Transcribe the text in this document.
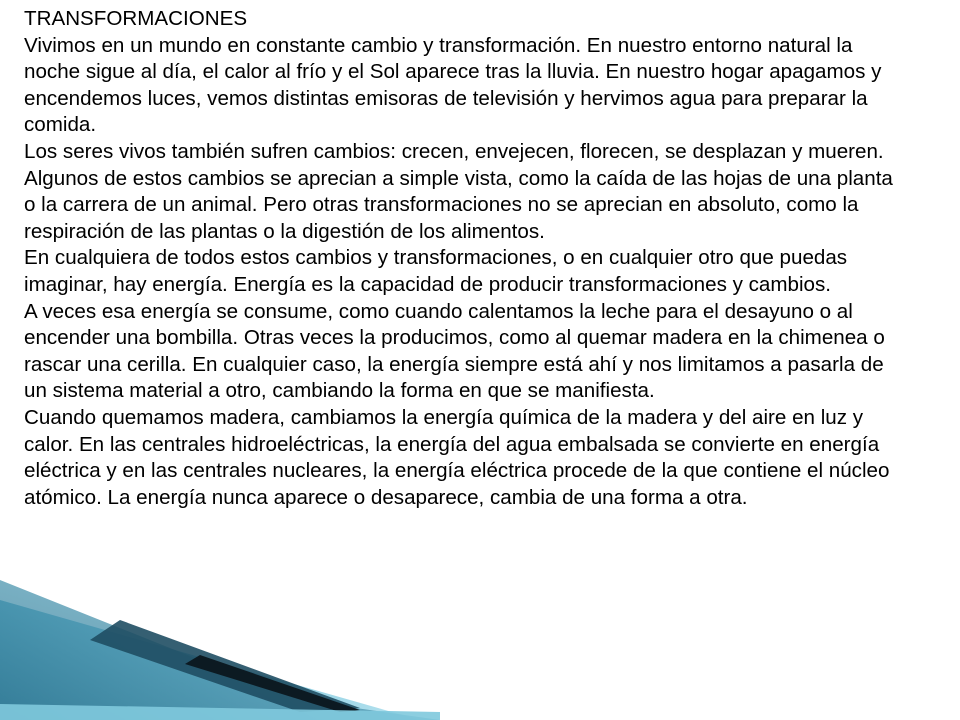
TRANSFORMACIONES

Vivimos en un mundo en constante cambio y transformación. En nuestro entorno natural la noche sigue al día, el calor al frío y el Sol aparece tras la lluvia. En nuestro hogar apagamos y encendemos luces, vemos distintas emisoras de televisión y hervimos agua para preparar la comida.

Los seres vivos también sufren cambios: crecen, envejecen, florecen, se desplazan y mueren. Algunos de estos cambios se aprecian a simple vista, como la caída de las hojas de una planta o la carrera de un animal. Pero otras transformaciones no se aprecian en absoluto, como la respiración de las plantas o la digestión de los alimentos.

En cualquiera de todos estos cambios y transformaciones, o en cualquier otro que puedas imaginar, hay energía. Energía es la capacidad de producir transformaciones y cambios.

A veces esa energía se consume, como cuando calentamos la leche para el desayuno o al encender una bombilla. Otras veces la producimos, como al quemar madera en la chimenea o rascar una cerilla. En cualquier caso, la energía siempre está ahí y nos limitamos a pasarla de un sistema material a otro, cambiando la forma en que se manifiesta.

Cuando quemamos madera, cambiamos la energía química de la madera y del aire en luz y calor. En las centrales hidroeléctricas, la energía del agua embalsada se convierte en energía eléctrica y en las centrales nucleares, la energía eléctrica procede de la que contiene el núcleo atómico. La energía nunca aparece o desaparece, cambia de una forma a otra.
